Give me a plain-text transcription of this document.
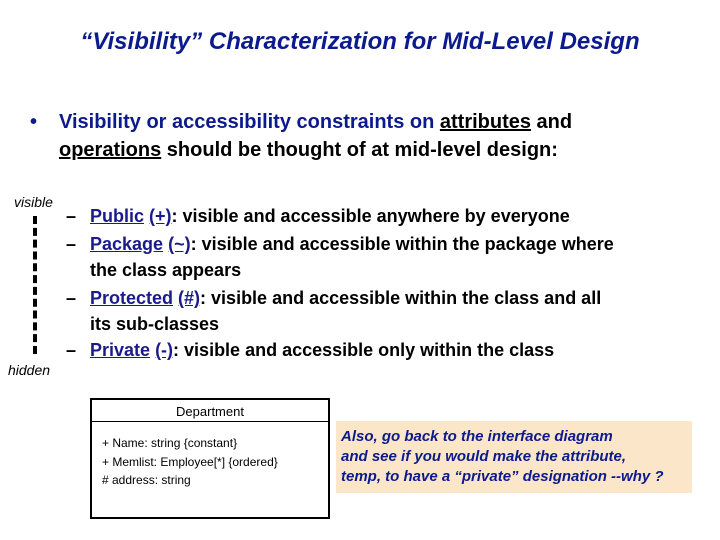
“Visibility” Characterization for Mid-Level Design
•	Visibility or accessibility constraints on attributes and
operations should be thought of at mid-level design:
visible
hidden
– Public (+): visible and accessible anywhere by everyone
– Package (~): visible and accessible within the package where
the class appears
– Protected (#): visible and accessible within the class and all
its sub-classes
– Private (-): visible and accessible only within the class
Department
+ Name: string {constant}
+ Memlist: Employee[*] {ordered}
# address: string
Also, go back to the interface diagram
and see if you would make the attribute,
temp, to have a “private” designation --why ?
